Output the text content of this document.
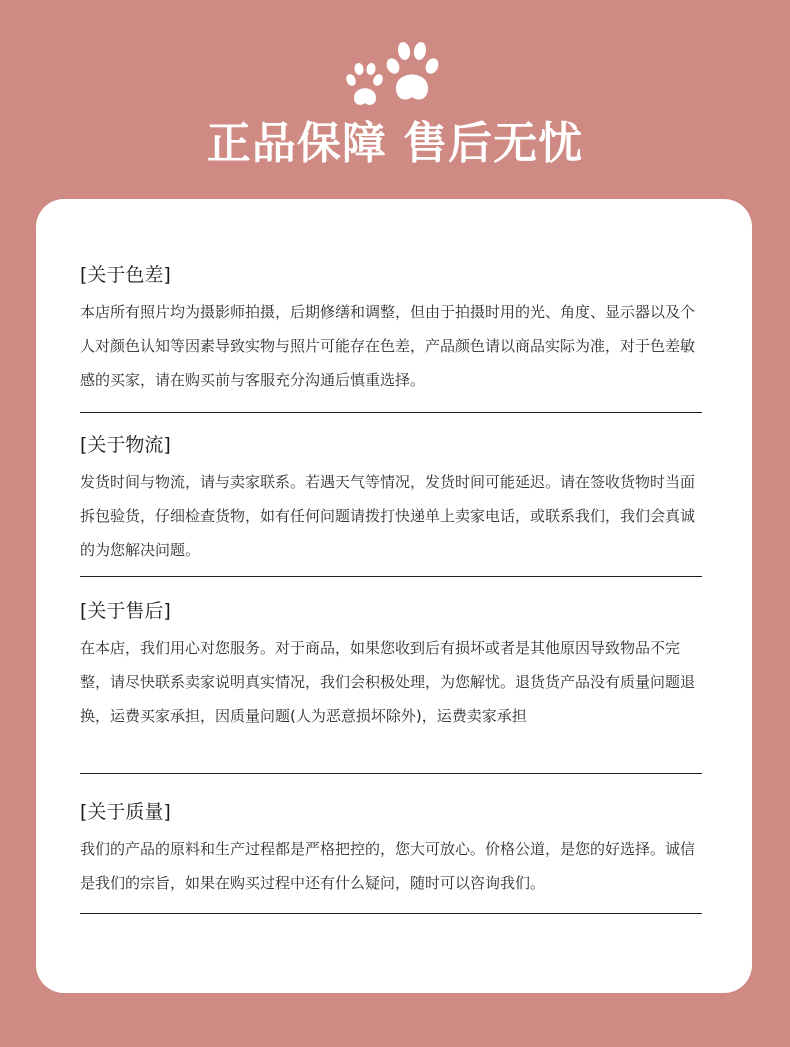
正品保障 售后无忧
[关于色差]

本店所有照片均为摄影师拍摄，后期修缮和调整，但由于拍摄时用的光、角度、显示器以及个人对颜色认知等因素导致实物与照片可能存在色差，产品颜色请以商品实际为准，对于色差敏感的买家，请在购买前与客服充分沟通后慎重选择。

[关于物流]

发货时间与物流，请与卖家联系。若遇天气等情况，发货时间可能延迟。请在签收货物时当面拆包验货，仔细检查货物，如有任何问题请拨打快递单上卖家电话，或联系我们，我们会真诚的为您解决问题。

[关于售后]

在本店，我们用心对您服务。对于商品，如果您收到后有损坏或者是其他原因导致物品不完整，请尽快联系卖家说明真实情况，我们会积极处理，为您解忧。退货货产品没有质量问题退换，运费买家承担，因质量问题(人为恶意损坏除外)，运费卖家承担

[关于质量]

我们的产品的原料和生产过程都是严格把控的，您大可放心。价格公道，是您的好选择。诚信是我们的宗旨，如果在购买过程中还有什么疑问，随时可以咨询我们。
